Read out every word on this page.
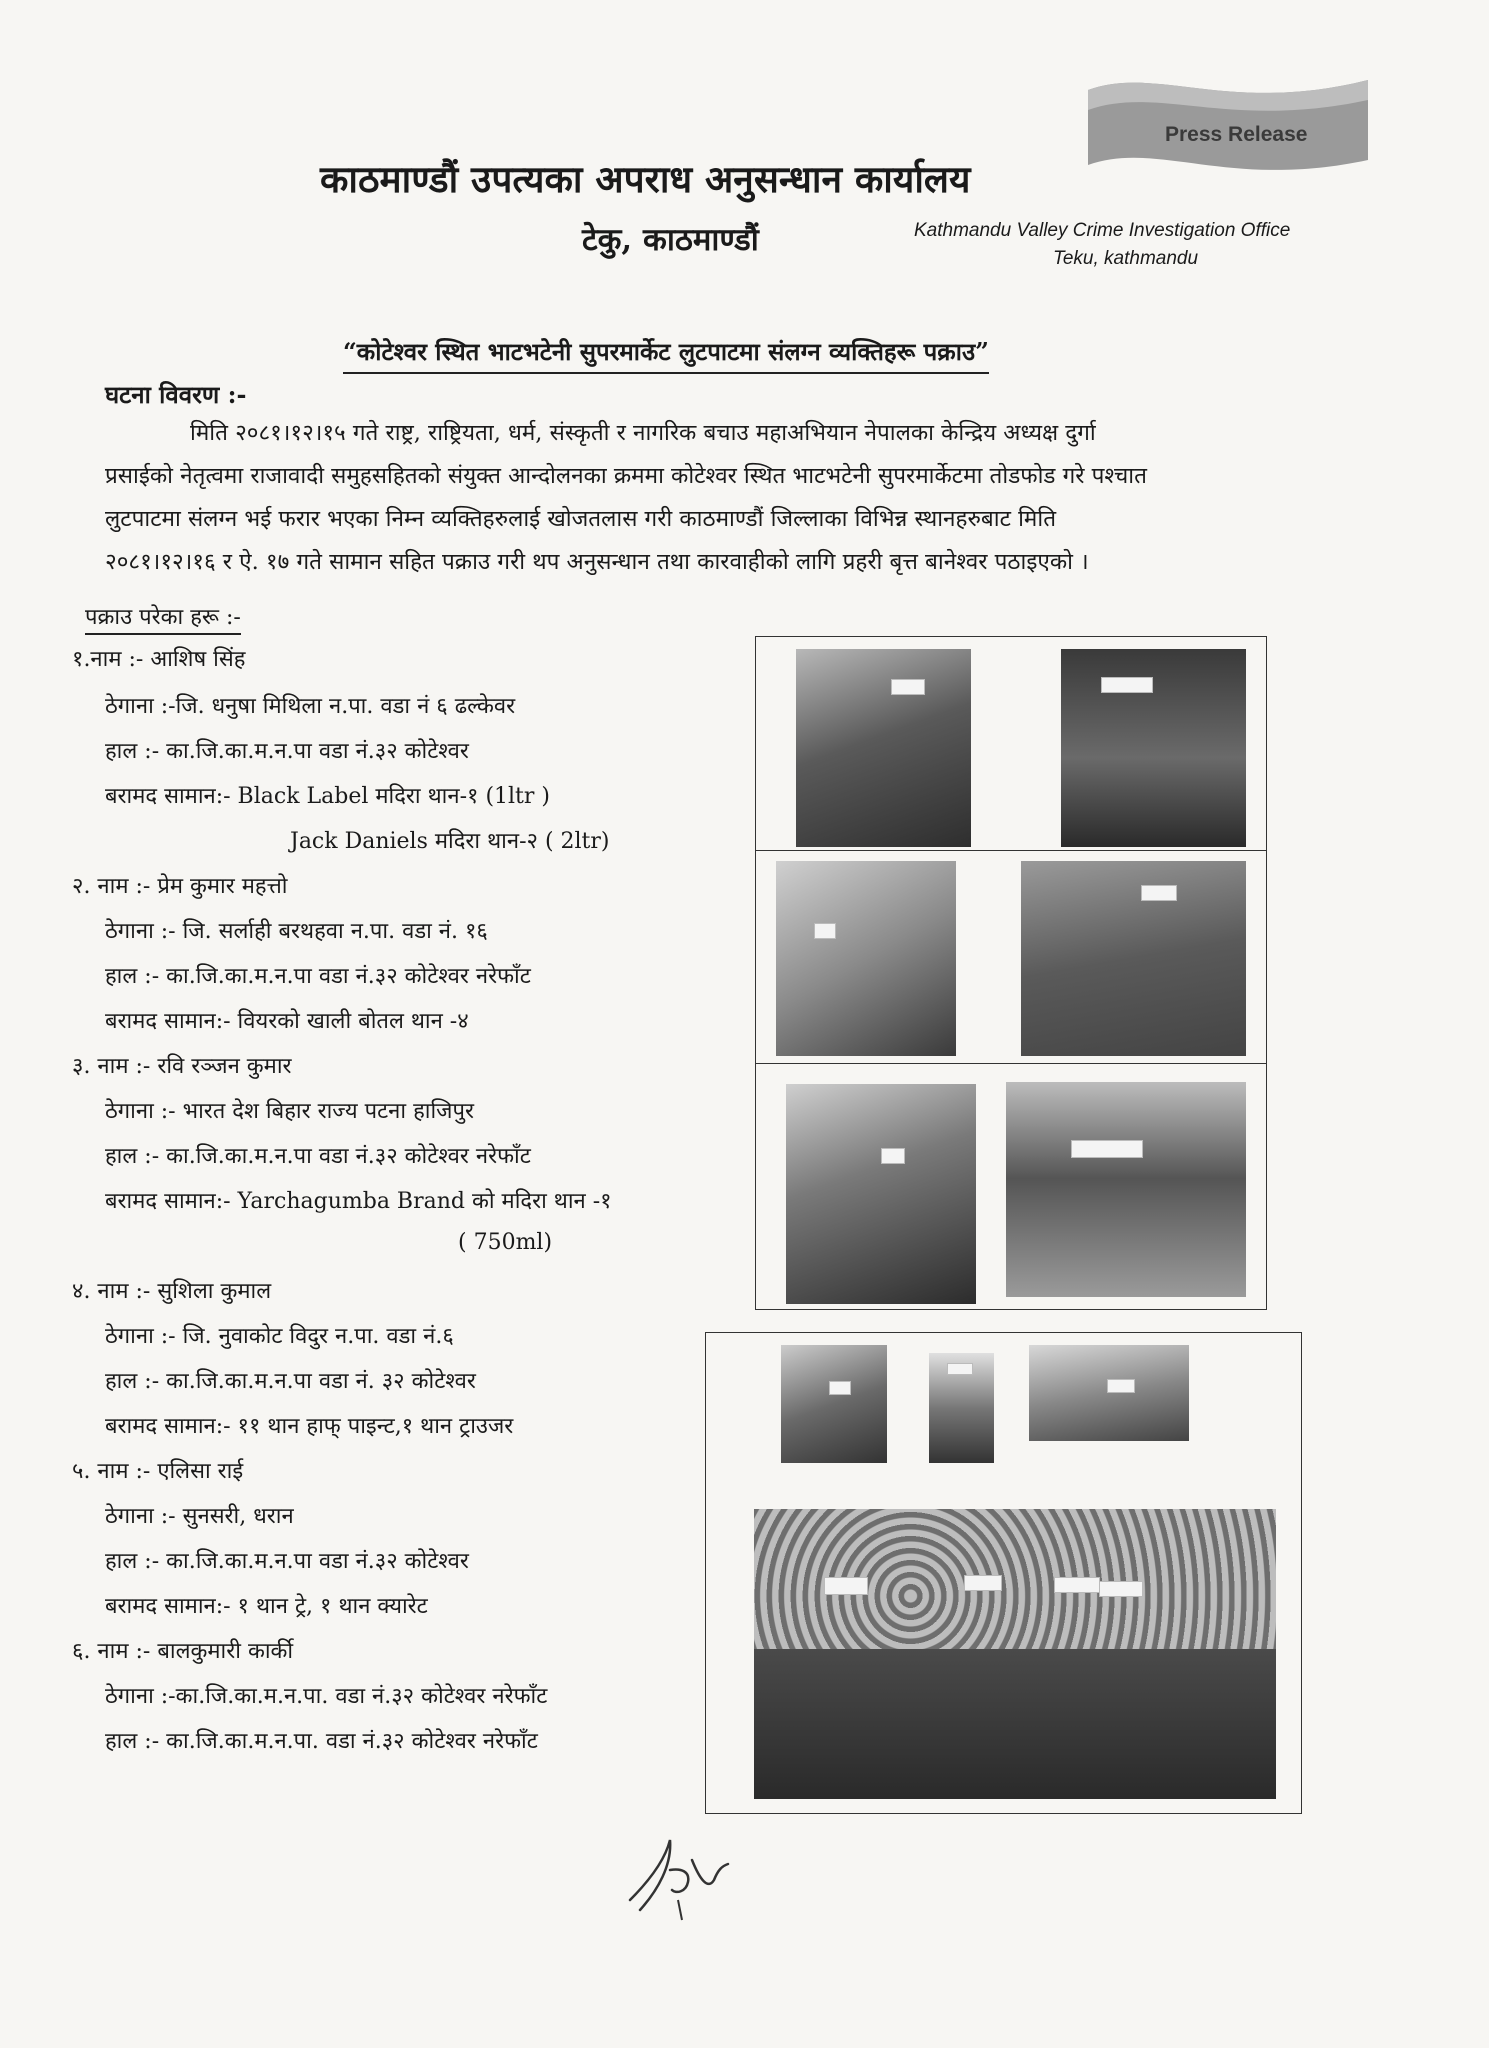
Press Release
काठमाण्डौं उपत्यका अपराध अनुसन्धान कार्यालय
टेकु, काठमाण्डौं	Kathmandu Valley Crime Investigation Office
Teku, kathmandu
“कोटेश्वर स्थित भाटभटेनी सुपरमार्केट लुटपाटमा संलग्न व्यक्तिहरू पक्राउ”
घटना विवरण :-
मिति २०८१।१२।१५ गते राष्ट्र, राष्ट्रियता, धर्म, संस्कृती र नागरिक बचाउ महाअभियान नेपालका केन्द्रिय अध्यक्ष दुर्गा
प्रसाईको नेतृत्वमा राजावादी समुहसहितको संयुक्त आन्दोलनका क्रममा कोटेश्वर स्थित भाटभटेनी सुपरमार्केटमा तोडफोड गरे पश्चात
लुटपाटमा संलग्न भई फरार भएका निम्न व्यक्तिहरुलाई खोजतलास गरी काठमाण्डौं जिल्लाका विभिन्न स्थानहरुबाट मिति
२०८१।१२।१६ र ऐ. १७ गते सामान सहित पक्राउ गरी थप अनुसन्धान तथा कारवाहीको लागि प्रहरी बृत्त बानेश्वर पठाइएको ।
पक्राउ परेका हरू :-
१.नाम :- आशिष सिंह
ठेगाना :-जि. धनुषा मिथिला न.पा. वडा नं ६ ढल्केवर
हाल :- का.जि.का.म.न.पा वडा नं.३२ कोटेश्वर
बरामद सामान:- Black Label मदिरा थान-१ (1ltr )
Jack Daniels मदिरा थान-२ ( 2ltr)
२. नाम :- प्रेम कुमार महत्तो
ठेगाना :- जि. सर्लाही बरथहवा न.पा. वडा नं. १६
हाल :- का.जि.का.म.न.पा वडा नं.३२ कोटेश्वर नरेफाँट
बरामद सामान:- वियरको खाली बोतल थान -४
३. नाम :- रवि रञ्जन कुमार
ठेगाना :- भारत देश बिहार राज्य पटना हाजिपुर
हाल :- का.जि.का.म.न.पा वडा नं.३२ कोटेश्वर नरेफाँट
बरामद सामान:- Yarchagumba Brand को मदिरा थान -१
( 750ml)
४. नाम :- सुशिला कुमाल
ठेगाना :- जि. नुवाकोट विदुर न.पा. वडा नं.६
हाल :- का.जि.का.म.न.पा वडा नं. ३२ कोटेश्वर
बरामद सामान:- ११ थान हाफ् पाइन्ट,१ थान ट्राउजर
५. नाम :- एलिसा राई
ठेगाना :- सुनसरी, धरान
हाल :- का.जि.का.म.न.पा वडा नं.३२ कोटेश्वर
बरामद सामान:- १ थान ट्रे, १ थान क्यारेट
६. नाम :- बालकुमारी कार्की
ठेगाना :-का.जि.का.म.न.पा. वडा नं.३२ कोटेश्वर नरेफाँट
हाल :- का.जि.का.म.न.पा. वडा नं.३२ कोटेश्वर नरेफाँट
